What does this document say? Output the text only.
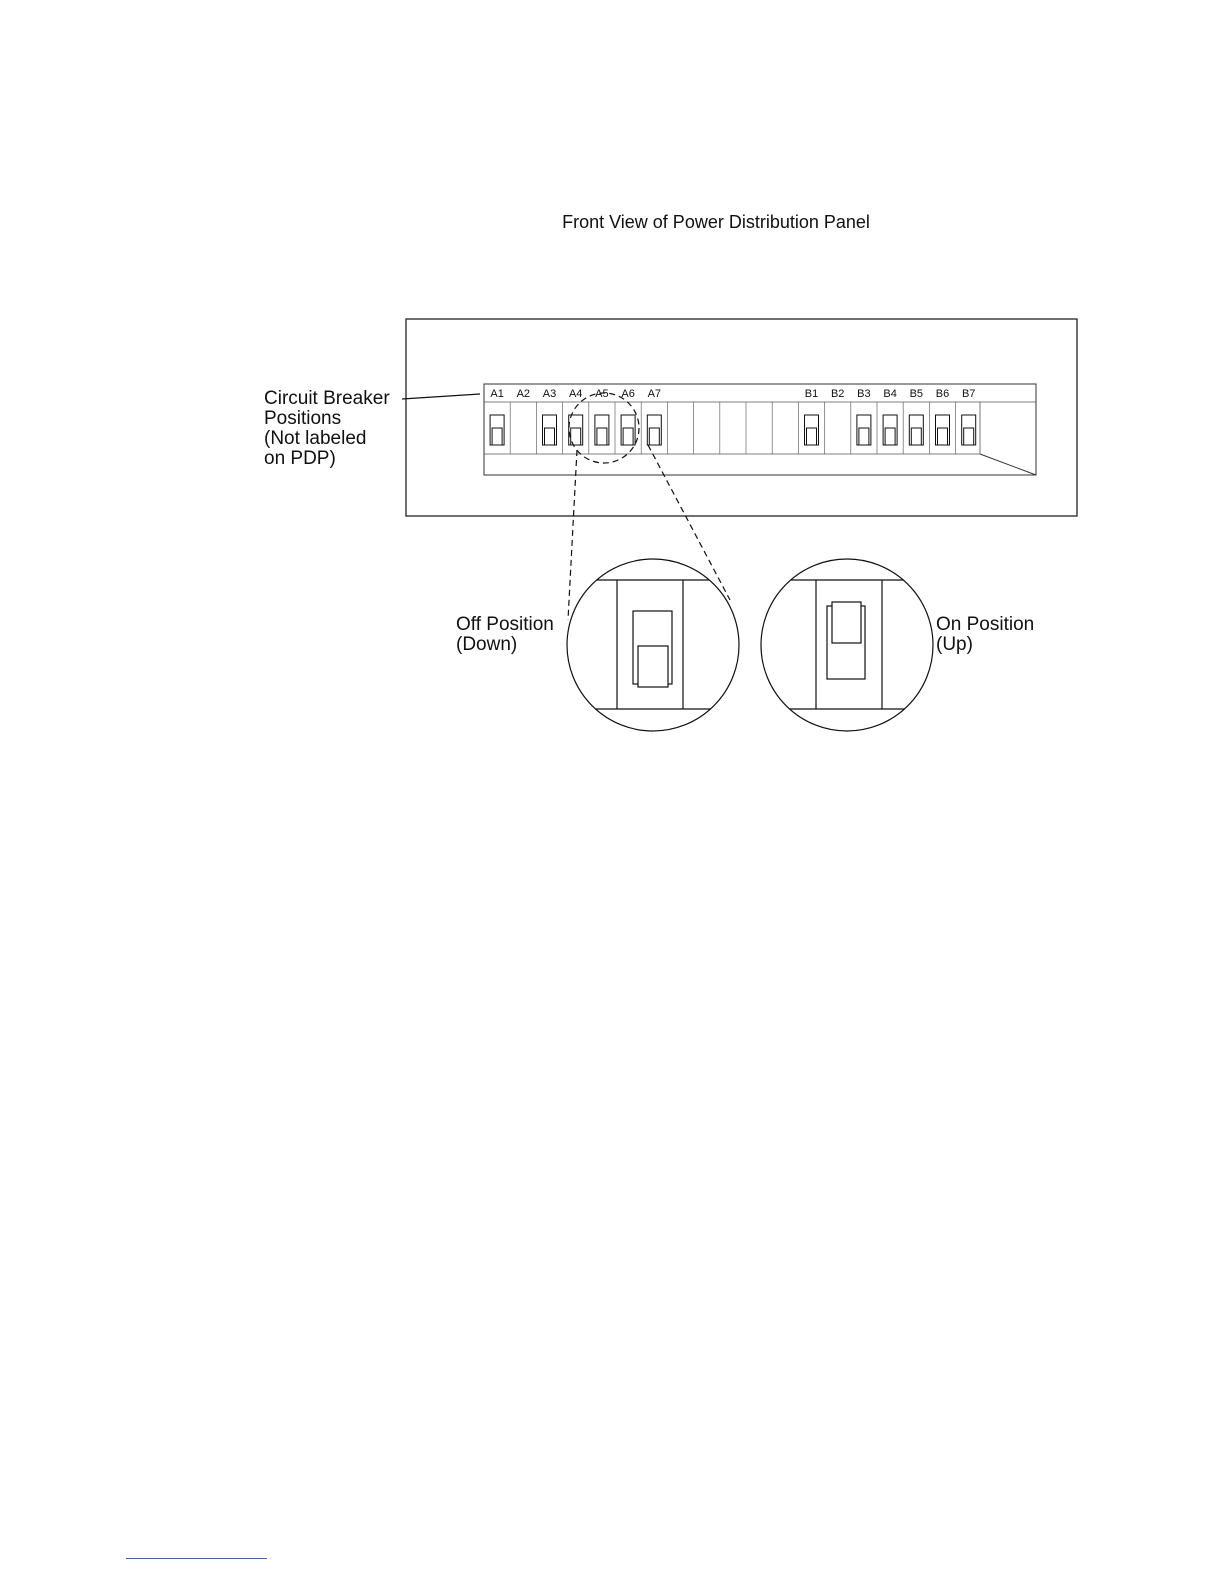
Front View of Power Distribution Panel
A1 A2 A3 A4 A5 A6 A7	B1 B2 B3 B4 B5 B6 B7
Circuit Breaker
Positions
(Not labeled
on PDP)
Off Position
(Down)
On Position
(Up)
